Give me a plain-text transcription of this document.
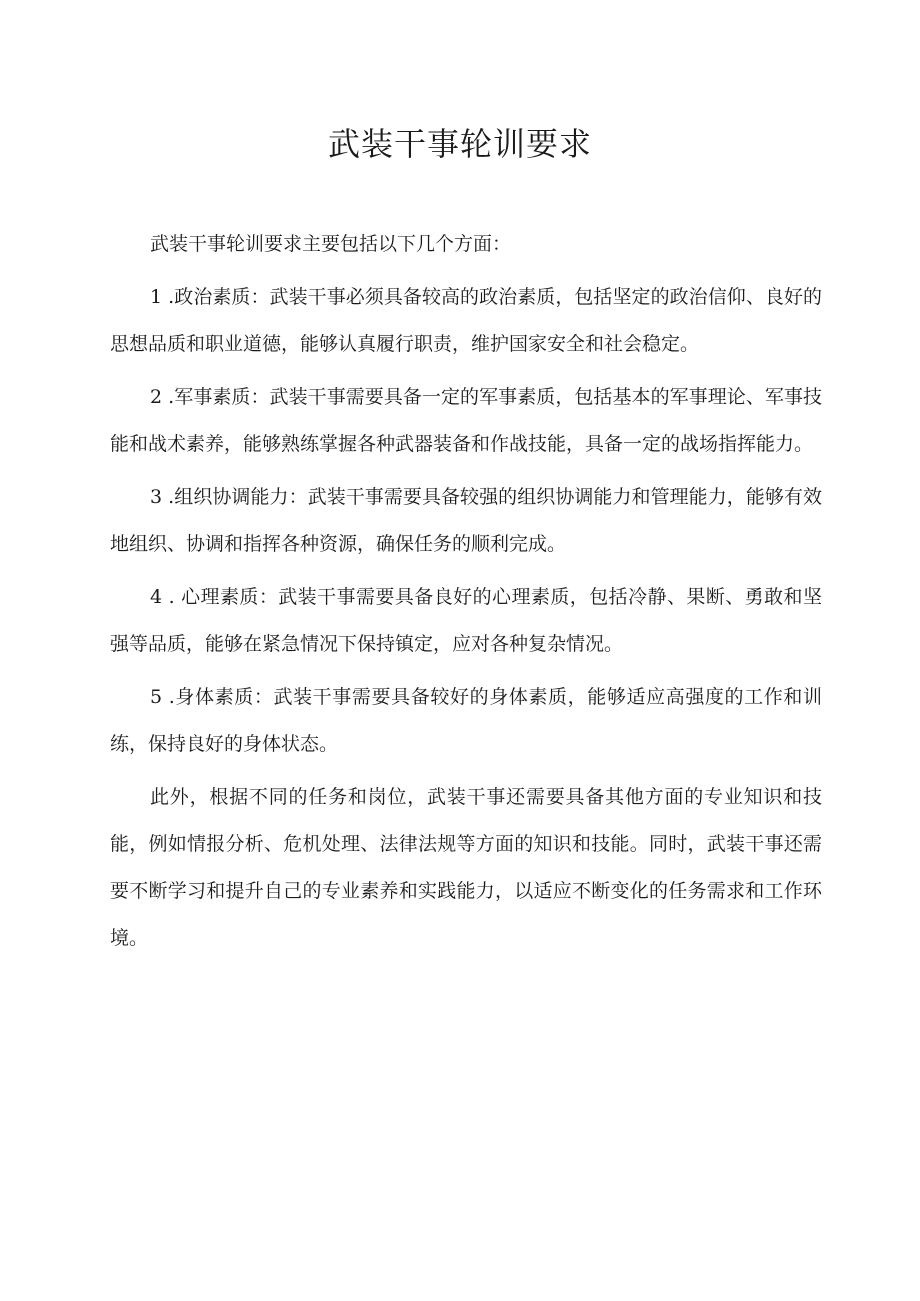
武装干事轮训要求

武装干事轮训要求主要包括以下几个方面：

1 .政治素质：武装干事必须具备较高的政治素质，包括坚定的政治信仰、良好的思想品质和职业道德，能够认真履行职责，维护国家安全和社会稳定。

2 .军事素质：武装干事需要具备一定的军事素质，包括基本的军事理论、军事技能和战术素养，能够熟练掌握各种武器装备和作战技能，具备一定的战场指挥能力。

3 .组织协调能力：武装干事需要具备较强的组织协调能力和管理能力，能够有效地组织、协调和指挥各种资源，确保任务的顺利完成。

4 . 心理素质：武装干事需要具备良好的心理素质，包括冷静、果断、勇敢和坚强等品质，能够在紧急情况下保持镇定，应对各种复杂情况。

5 .身体素质：武装干事需要具备较好的身体素质，能够适应高强度的工作和训练，保持良好的身体状态。

此外，根据不同的任务和岗位，武装干事还需要具备其他方面的专业知识和技能，例如情报分析、危机处理、法律法规等方面的知识和技能。同时，武装干事还需要不断学习和提升自己的专业素养和实践能力，以适应不断变化的任务需求和工作环境。
